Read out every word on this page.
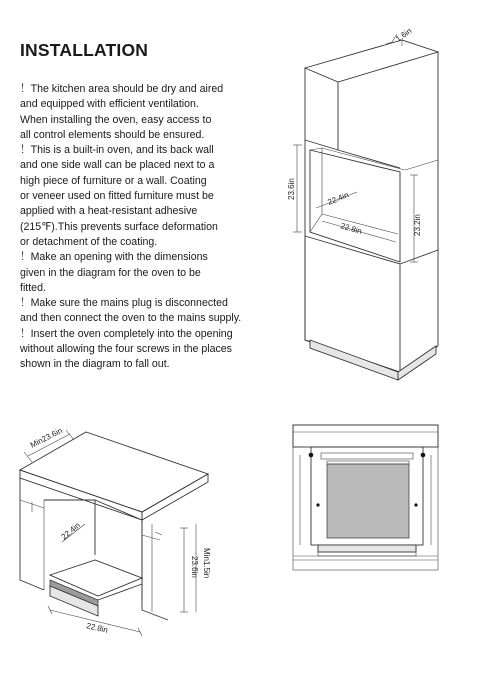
INSTALLATION
！The kitchen area should be dry and aired
and equipped with efficient ventilation.
When installing the oven, easy access to
all control elements should be ensured.
！This is a built-in oven, and its back wall
and one side wall can be placed next to a
high piece of furniture or a wall. Coating
or veneer used on fitted furniture must be
applied with a heat-resistant adhesive
(215℉).This prevents surface deformation
or detachment of the coating.
！Make an opening with the dimensions
given in the diagram for the oven to be
fitted.
！Make sure the mains plug is disconnected
and then connect the oven to the mains supply.
！Insert the oven completely into the opening
without allowing the four screws in the places
shown in the diagram to fall out.
1.6in
23.6in	22.4in
22.8in	23.2in
Min23.6in
22.4in
23.6in Min1.5in
22.8in
